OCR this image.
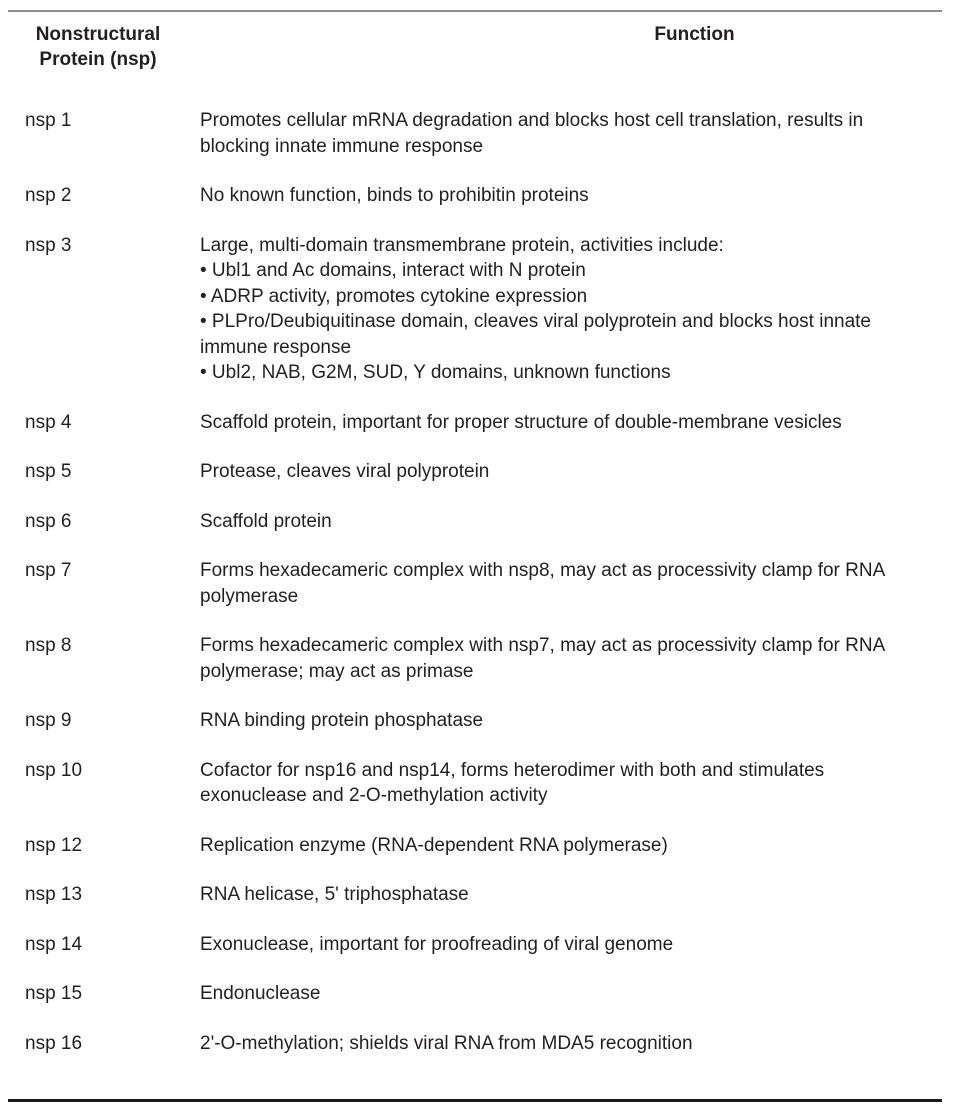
Nonstructural
Protein (nsp)	Function

nsp 1	Promotes cellular mRNA degradation and blocks host cell translation, results in blocking innate immune response

nsp 2	No known function, binds to prohibitin proteins

nsp 3	Large, multi-domain transmembrane protein, activities include:
• Ubl1 and Ac domains, interact with N protein
• ADRP activity, promotes cytokine expression
• PLPro/Deubiquitinase domain, cleaves viral polyprotein and blocks host innate immune response
• Ubl2, NAB, G2M, SUD, Y domains, unknown functions

nsp 4	Scaffold protein, important for proper structure of double-membrane vesicles

nsp 5	Protease, cleaves viral polyprotein

nsp 6	Scaffold protein

nsp 7	Forms hexadecameric complex with nsp8, may act as processivity clamp for RNA polymerase

nsp 8	Forms hexadecameric complex with nsp7, may act as processivity clamp for RNA polymerase; may act as primase

nsp 9	RNA binding protein phosphatase

nsp 10	Cofactor for nsp16 and nsp14, forms heterodimer with both and stimulates exonuclease and 2-O-methylation activity

nsp 12	Replication enzyme (RNA-dependent RNA polymerase)

nsp 13	RNA helicase, 5' triphosphatase

nsp 14	Exonuclease, important for proofreading of viral genome

nsp 15	Endonuclease

nsp 16	2'-O-methylation; shields viral RNA from MDA5 recognition
